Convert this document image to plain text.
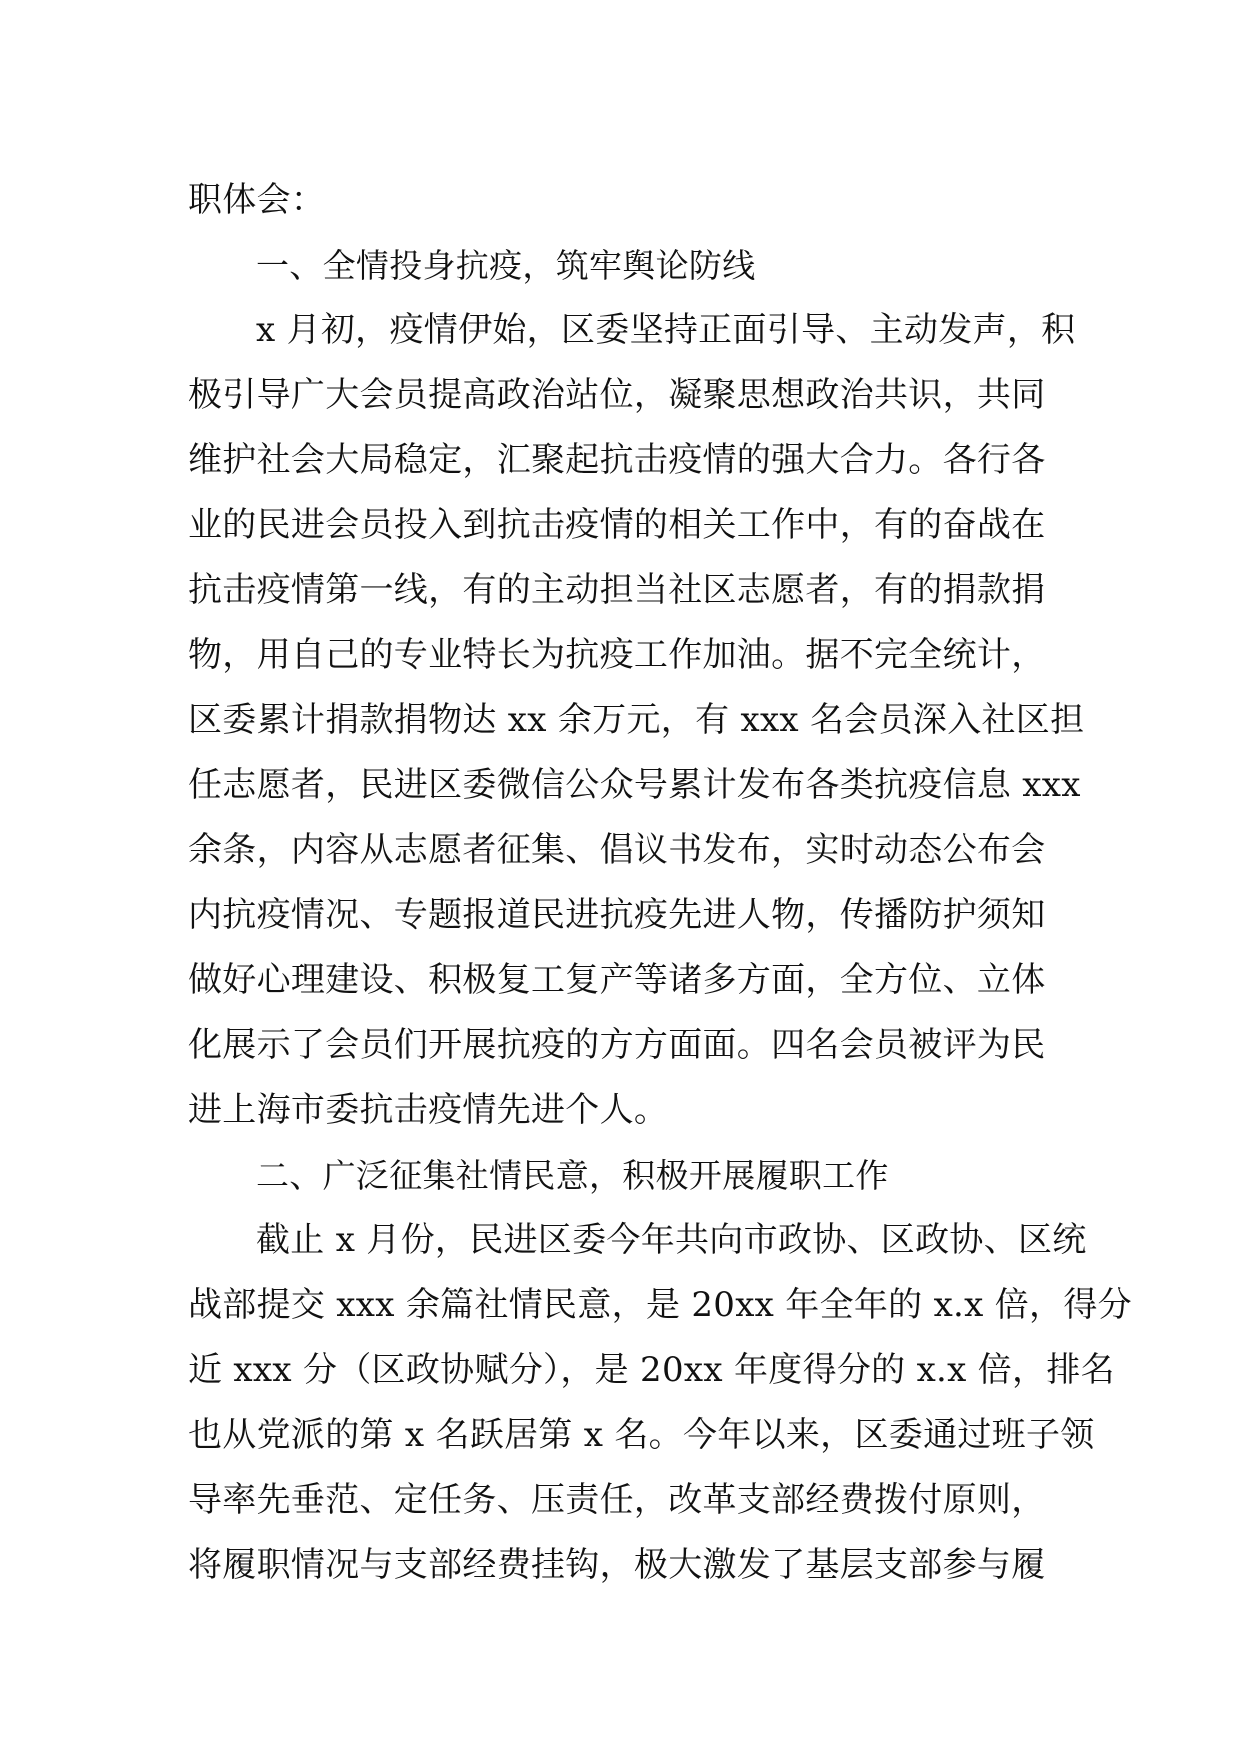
职体会：
一、全情投身抗疫，筑牢舆论防线
x 月初，疫情伊始，区委坚持正面引导、主动发声，积
极引导广大会员提高政治站位，凝聚思想政治共识，共同
维护社会大局稳定，汇聚起抗击疫情的强大合力。各行各
业的民进会员投入到抗击疫情的相关工作中，有的奋战在
抗击疫情第一线，有的主动担当社区志愿者，有的捐款捐
物，用自己的专业特长为抗疫工作加油。据不完全统计，
区委累计捐款捐物达 xx 余万元，有 xxx 名会员深入社区担
任志愿者，民进区委微信公众号累计发布各类抗疫信息 xxx
余条，内容从志愿者征集、倡议书发布，实时动态公布会
内抗疫情况、专题报道民进抗疫先进人物，传播防护须知
做好心理建设、积极复工复产等诸多方面，全方位、立体
化展示了会员们开展抗疫的方方面面。四名会员被评为民
进上海市委抗击疫情先进个人。
二、广泛征集社情民意，积极开展履职工作
截止 x 月份，民进区委今年共向市政协、区政协、区统
战部提交 xxx 余篇社情民意，是 20xx 年全年的 x.x 倍，得分
近 xxx 分（区政协赋分），是 20xx 年度得分的 x.x 倍，排名
也从党派的第 x 名跃居第 x 名。今年以来，区委通过班子领
导率先垂范、定任务、压责任，改革支部经费拨付原则，
将履职情况与支部经费挂钩，极大激发了基层支部参与履
